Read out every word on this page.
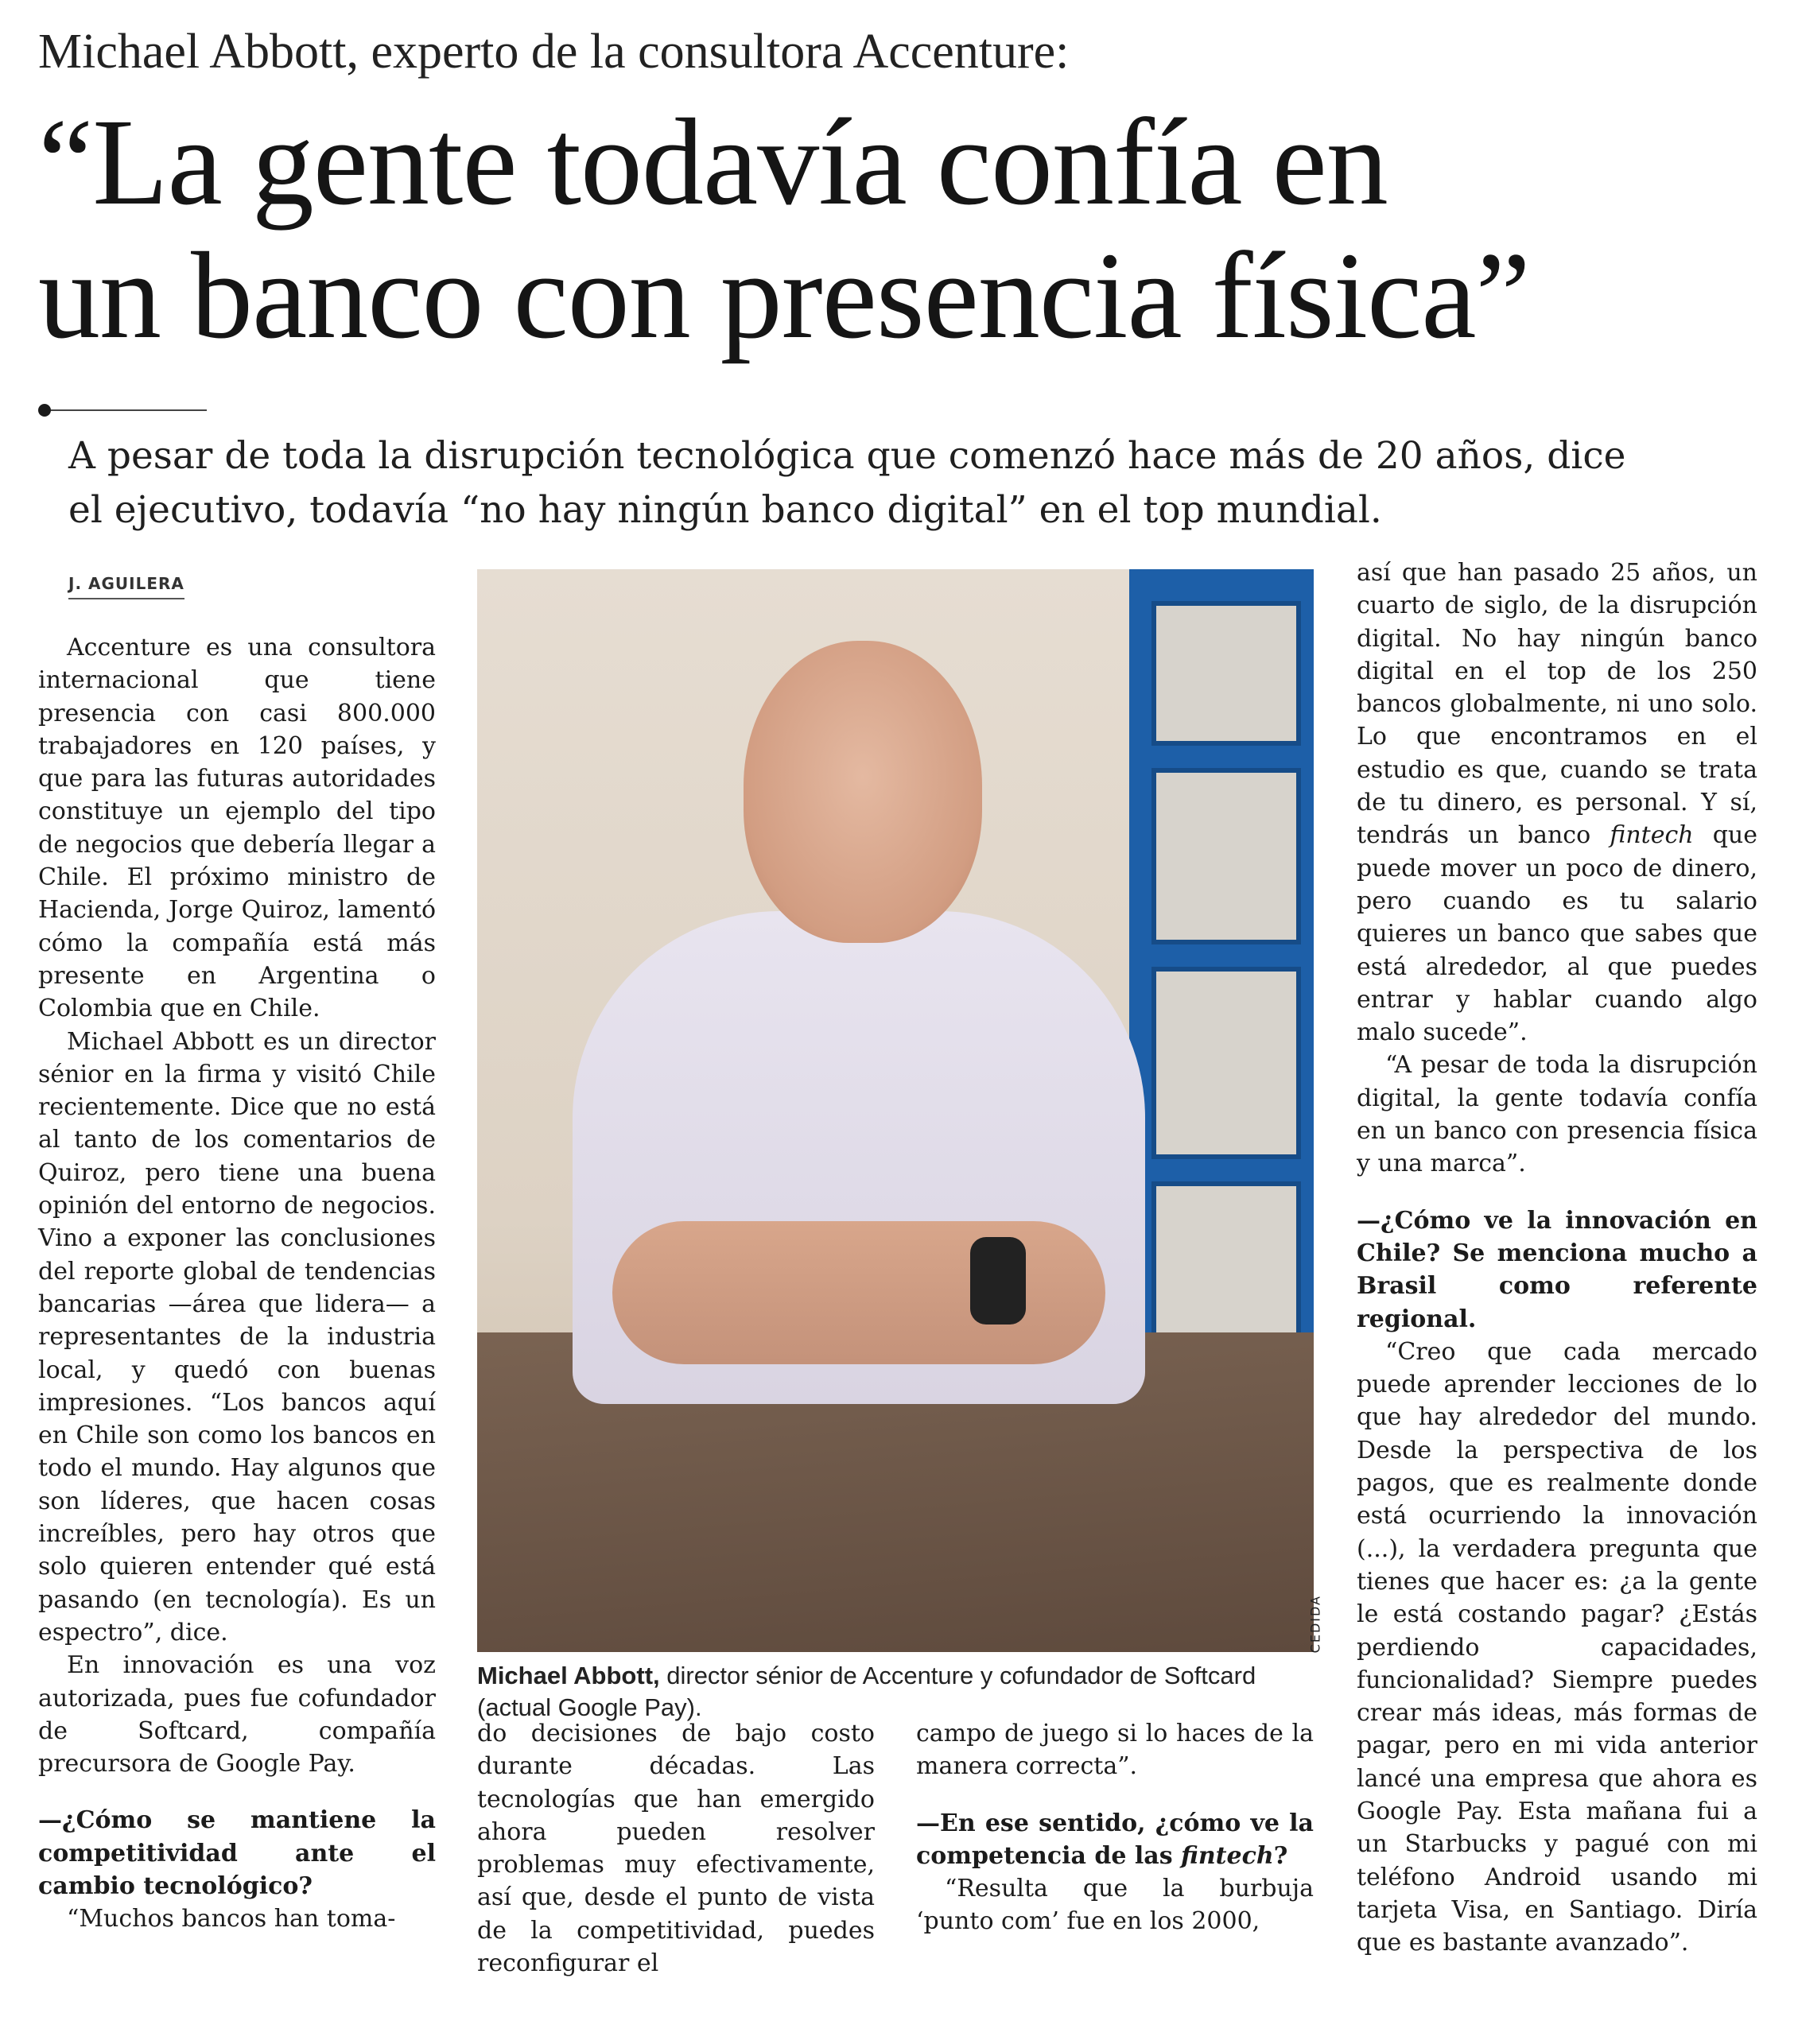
Michael Abbott, experto de la consultora Accenture:
“La gente todavía confía en
un banco con presencia física”
A pesar de toda la disrupción tecnológica que comenzó hace más de 20 años, dice
el ejecutivo, todavía “no hay ningún banco digital” en el top mundial.
J. AGUILERA

Accenture es una consultora internacional que tiene presencia con casi 800.000 trabajadores en 120 países, y que para las futuras autoridades constituye un ejemplo del tipo de negocios que debería llegar a Chile. El próximo ministro de Hacienda, Jorge Quiroz, lamentó cómo la compañía está más presente en Argentina o Colombia que en Chile.

Michael Abbott es un director sénior en la firma y visitó Chile recientemente. Dice que no está al tanto de los comentarios de Quiroz, pero tiene una buena opinión del entorno de negocios. Vino a exponer las conclusiones del reporte global de tendencias bancarias —área que lidera— a representantes de la industria local, y quedó con buenas impresiones. “Los bancos aquí en Chile son como los bancos en todo el mundo. Hay algunos que son líderes, que hacen cosas increíbles, pero hay otros que solo quieren entender qué está pasando (en tecnología). Es un espectro”, dice.

En innovación es una voz autorizada, pues fue cofundador de Softcard, compañía precursora de Google Pay.

—¿Cómo se mantiene la competitividad ante el cambio tecnológico?

“Muchos bancos han toma-

CEDIDA
Michael Abbott, director sénior de Accenture y cofundador de Softcard (actual Google Pay).

do decisiones de bajo costo durante décadas. Las tecnologías que han emergido ahora pueden resolver problemas muy efectivamente, así que, desde el punto de vista de la competitividad, puedes reconfigurar el

campo de juego si lo haces de la manera correcta”.

—En ese sentido, ¿cómo ve la competencia de las fintech?

“Resulta que la burbuja ‘punto com’ fue en los 2000,

así que han pasado 25 años, un cuarto de siglo, de la disrupción digital. No hay ningún banco digital en el top de los 250 bancos globalmente, ni uno solo. Lo que encontramos en el estudio es que, cuando se trata de tu dinero, es personal. Y sí, tendrás un banco fintech que puede mover un poco de dinero, pero cuando es tu salario quieres un banco que sabes que está alrededor, al que puedes entrar y hablar cuando algo malo sucede”.

“A pesar de toda la disrupción digital, la gente todavía confía en un banco con presencia física y una marca”.

—¿Cómo ve la innovación en Chile? Se menciona mucho a Brasil como referente regional.

“Creo que cada mercado puede aprender lecciones de lo que hay alrededor del mundo. Desde la perspectiva de los pagos, que es realmente donde está ocurriendo la innovación (...), la verdadera pregunta que tienes que hacer es: ¿a la gente le está costando pagar? ¿Estás perdiendo capacidades, funcionalidad? Siempre puedes crear más ideas, más formas de pagar, pero en mi vida anterior lancé una empresa que ahora es Google Pay. Esta mañana fui a un Starbucks y pagué con mi teléfono Android usando mi tarjeta Visa, en Santiago. Diría que es bastante avanzado”.
